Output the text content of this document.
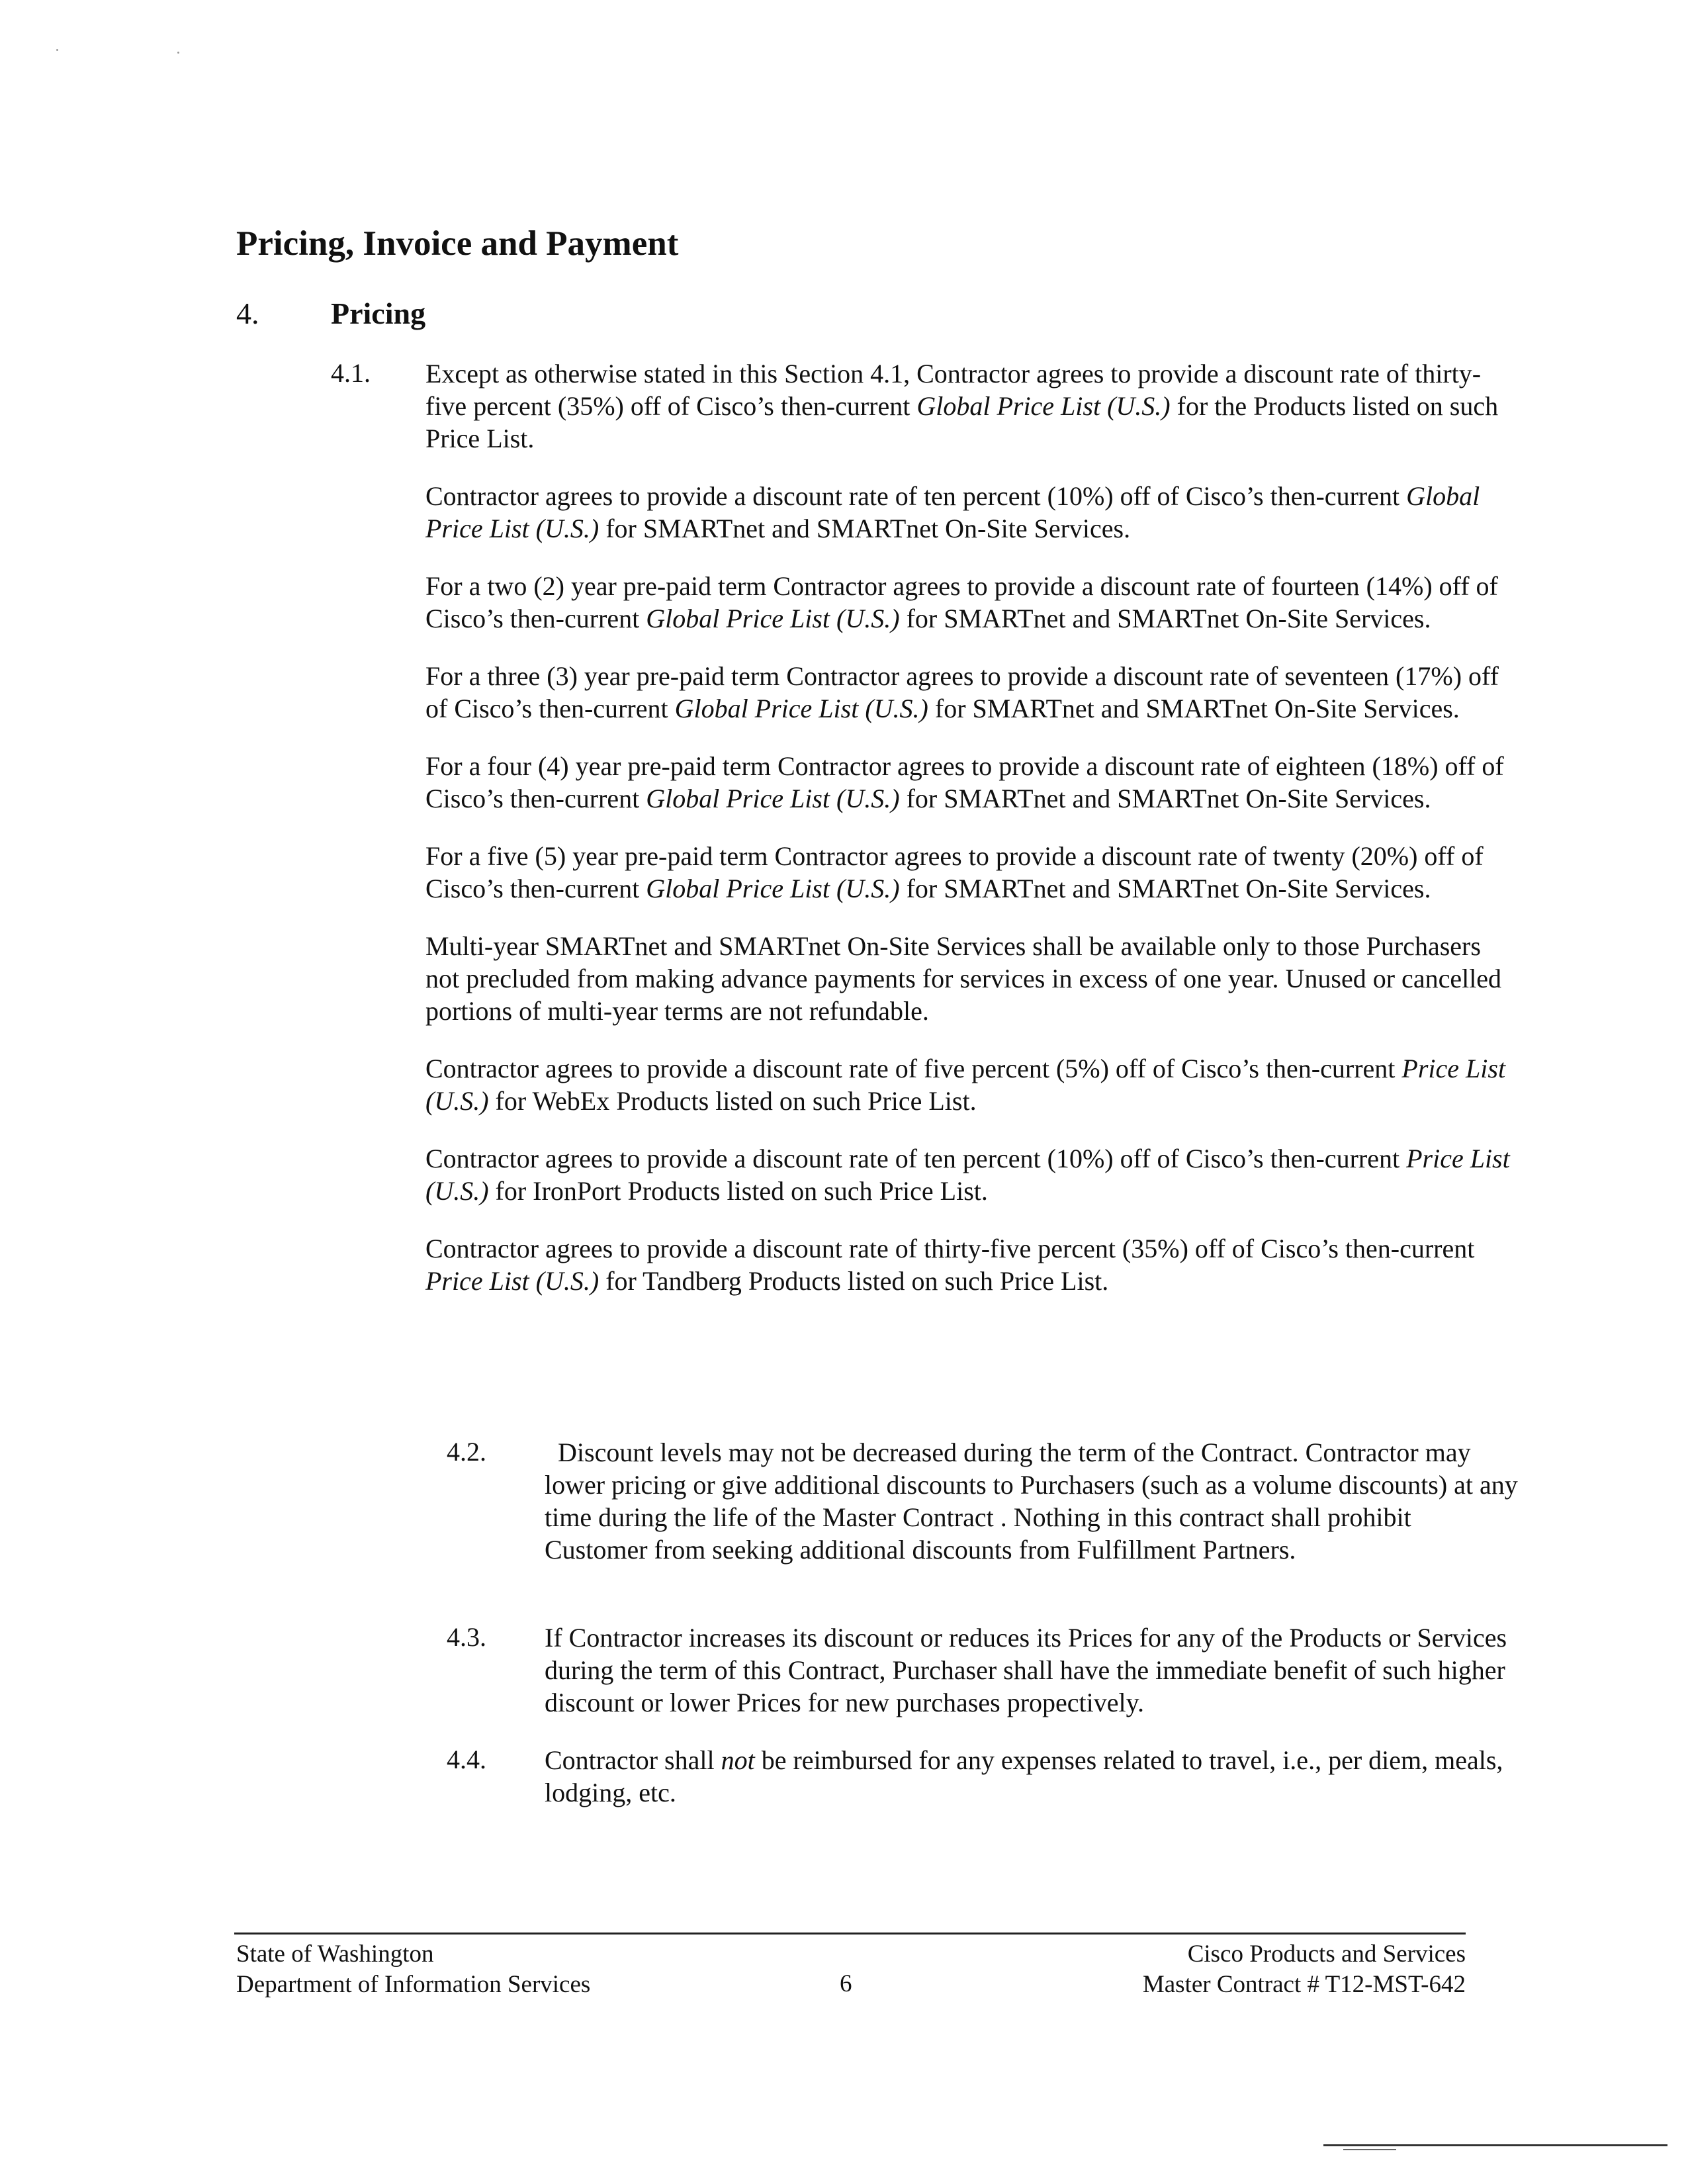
Pricing, Invoice and Payment
4. Pricing
4.1. Except as otherwise stated in this Section 4.1, Contractor agrees to provide a discount rate of thirty-five percent (35%) off of Cisco’s then-current Global Price List (U.S.) for the Products listed on such Price List.

Contractor agrees to provide a discount rate of ten percent (10%) off of Cisco’s then-current Global Price List (U.S.) for SMARTnet and SMARTnet On-Site Services.

For a two (2) year pre-paid term Contractor agrees to provide a discount rate of fourteen (14%) off of Cisco’s then-current Global Price List (U.S.) for SMARTnet and SMARTnet On-Site Services.

For a three (3) year pre-paid term Contractor agrees to provide a discount rate of seventeen (17%) off of Cisco’s then-current Global Price List (U.S.) for SMARTnet and SMARTnet On-Site Services.

For a four (4) year pre-paid term Contractor agrees to provide a discount rate of eighteen (18%) off of Cisco’s then-current Global Price List (U.S.) for SMARTnet and SMARTnet On-Site Services.

For a five (5) year pre-paid term Contractor agrees to provide a discount rate of twenty (20%) off of Cisco’s then-current Global Price List (U.S.) for SMARTnet and SMARTnet On-Site Services.

Multi-year SMARTnet and SMARTnet On-Site Services shall be available only to those Purchasers not precluded from making advance payments for services in excess of one year. Unused or cancelled portions of multi-year terms are not refundable.

Contractor agrees to provide a discount rate of five percent (5%) off of Cisco’s then-current Price List (U.S.) for WebEx Products listed on such Price List.

Contractor agrees to provide a discount rate of ten percent (10%) off of Cisco’s then-current Price List (U.S.) for IronPort Products listed on such Price List.

Contractor agrees to provide a discount rate of thirty-five percent (35%) off of Cisco’s then-current Price List (U.S.) for Tandberg Products listed on such Price List.

4.2.	Discount levels may not be decreased during the term of the Contract. Contractor may lower pricing or give additional discounts to Purchasers (such as a volume discounts) at any time during the life of the Master Contract . Nothing in this contract shall prohibit Customer from seeking additional discounts from Fulfillment Partners.
4.3. If Contractor increases its discount or reduces its Prices for any of the Products or Services during the term of this Contract, Purchaser shall have the immediate benefit of such higher discount or lower Prices for new purchases propectively.
4.4. Contractor shall not be reimbursed for any expenses related to travel, i.e., per diem, meals, lodging, etc.
State of Washington
Department of Information Services	6
Cisco Products and Services
Master Contract # T12-MST-642
